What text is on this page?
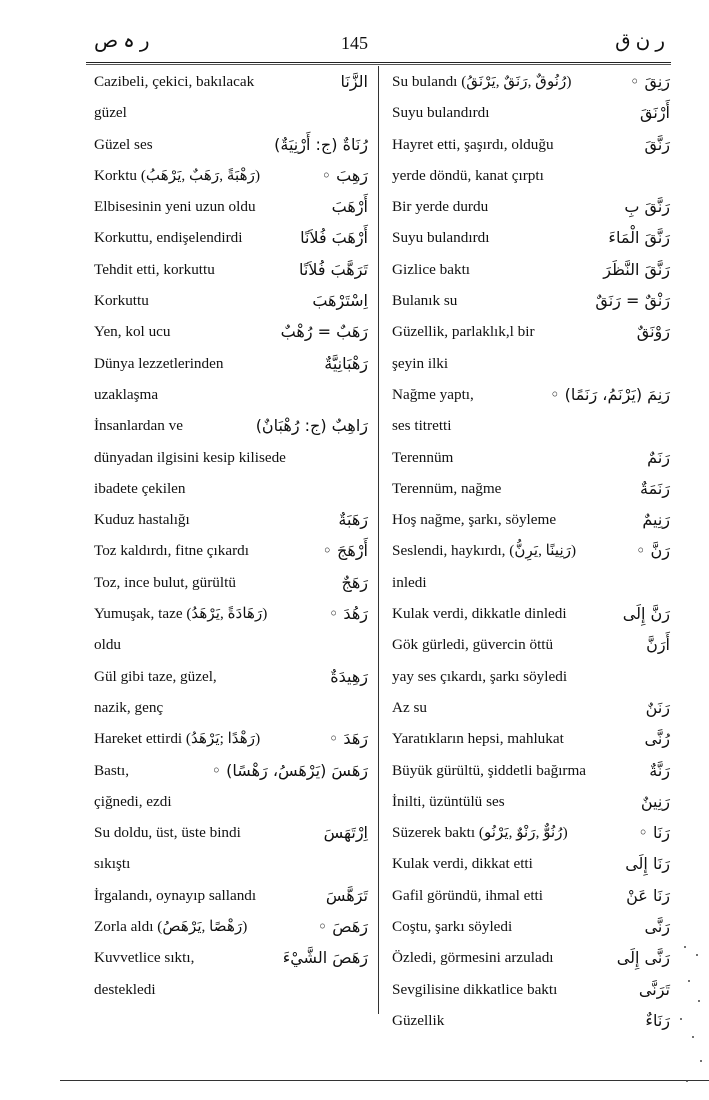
ر ہ ص	145	ر ن ق
Cazibeli, çekici, bakılacak	الزَّنَا
güzel
Güzel ses	رُنَاةٌ (ج: أَرْنِيَةٌ)
Korktu (رَهْبَةً ,رَهَبٌ ,يَرْهَبُ)	رَهِبَ ◦
Elbisesinin yeni uzun oldu	أَرْهَبَ
Korkuttu, endişelendirdi	أَرْهَبَ فُلاَنًا
Tehdit etti, korkuttu	تَرَهَّبَ فُلاَنًا
Korkuttu	اِسْتَرْهَبَ
Yen, kol ucu	رَهَبٌ = رُهْبٌ
Dünya lezzetlerinden	رَهْبَانِيَّةٌ
uzaklaşma
İnsanlardan ve	رَاهِبٌ (ج: رُهْبَانٌ)
dünyadan ilgisini kesip kilisede
ibadete çekilen
Kuduz hastalığı	رَهَبَةٌ
Toz kaldırdı, fitne çıkardı	أَرْهَجَ ◦
Toz, ince bulut, gürültü	رَهَجٌ
Yumuşak, taze (رَهَادَةً ,يَرْهَدُ)	رَهُدَ ◦
oldu
Gül gibi taze, güzel,	رَهِيدَةٌ
nazik, genç
Hareket ettirdi (رَهْدًا ;يَرْهَدُ)	رَهَدَ ◦
Bastı,	رَهَسَ (يَرْهَسُ، رَهْسًا) ◦
çiğnedi, ezdi
Su doldu, üst, üste bindi	اِرْتَهَسَ
sıkıştı
İrgalandı, oynayıp sallandı	تَرَهَّسَ
Zorla aldı (رَهْصًا ,يَرْهَصُ)	رَهَصَ ◦
Kuvvetlice sıktı,	رَهَصَ الشَّيْءَ
destekledi
Su bulandı (رُنُوقٌ ,رَنَقٌ ,يَرْنَقُ)	رَنِقَ ◦
Suyu bulandırdı	أَرْنَقَ
Hayret etti, şaşırdı, olduğu	رَنَّقَ
yerde döndü, kanat çırptı
Bir yerde durdu	رَنَّقَ بِ
Suyu bulandırdı	رَنَّقَ الْمَاءَ
Gizlice baktı	رَنَّقَ النَّظَرَ
Bulanık su	رَنْقٌ = رَنَقٌ
Güzellik, parlaklık,l bir	رَوْنَقٌ
şeyin ilki
Nağme yaptı,	رَنِمَ (يَرْنَمُ، رَنَمًا) ◦
ses titretti
Terennüm	رَنَمٌ
Terennüm, nağme	رَنَمَةٌ
Hoş nağme, şarkı, söyleme	رَنِيمٌ
Seslendi, haykırdı, (رَنِينًا ,يَرِنُّ)	رَنَّ ◦
inledi
Kulak verdi, dikkatle dinledi	رَنَّ إِلَى
Gök gürledi, güvercin öttü	أَرَنَّ
yay ses çıkardı, şarkı söyledi
Az su	رَنَنٌ
Yaratıkların hepsi, mahlukat	رُنَّى
Büyük gürültü, şiddetli bağırma	رَنَّةٌ
İnilti, üzüntülü ses	رَنِينٌ
Süzerek baktı (رُنُوٌّ ,رَنْوٌ ,يَرْنُو)	رَنَا ◦
Kulak verdi, dikkat etti	رَنَا إِلَى
Gafil göründü, ihmal etti	رَنَا عَنْ
Coştu, şarkı söyledi	رَنَّى
Özledi, görmesini arzuladı	رَنَّى إِلَى
Sevgilisine dikkatlice baktı	تَرَنَّى
Güzellik	رَنَاءٌ
